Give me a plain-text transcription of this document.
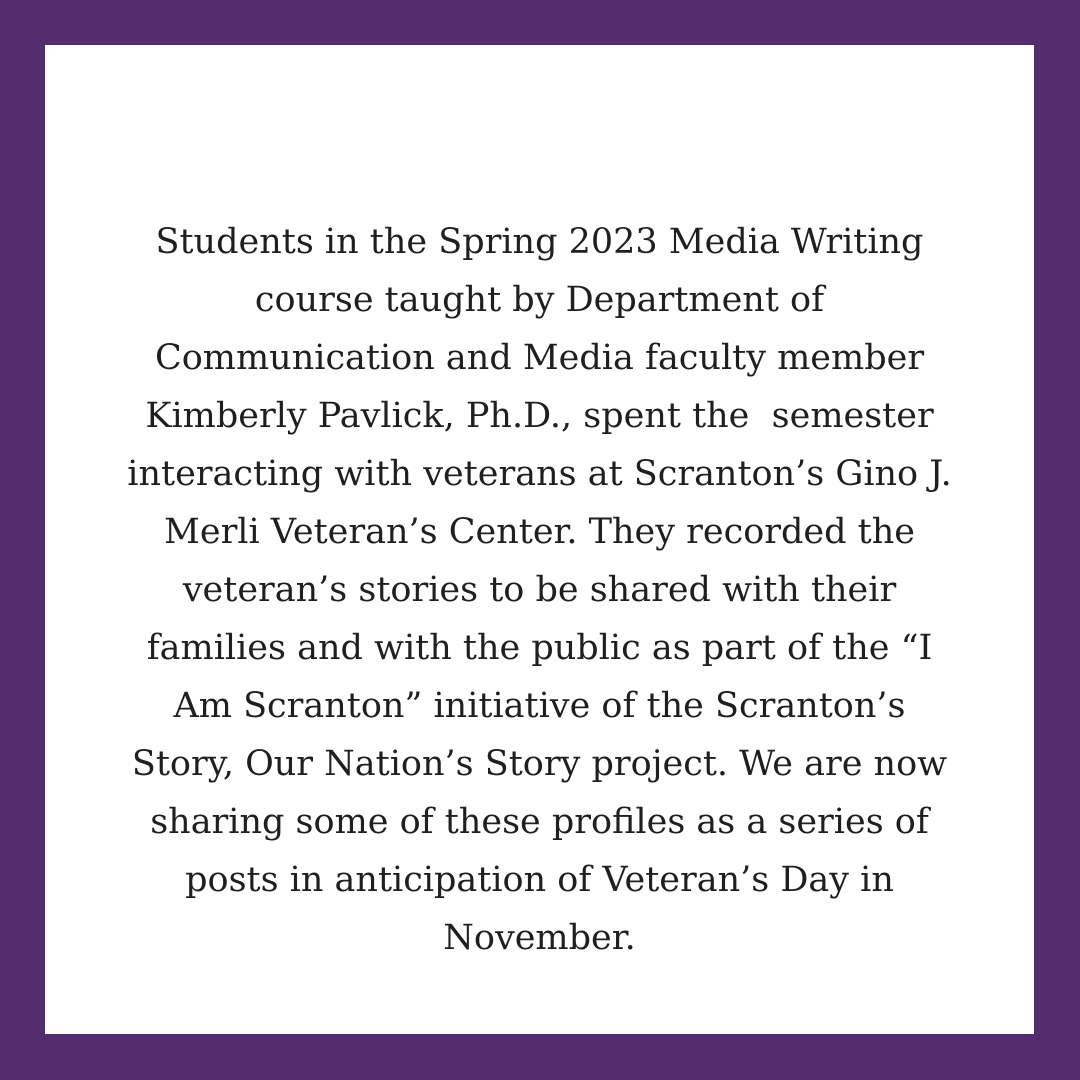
Students in the Spring 2023 Media Writing
course taught by Department of
Communication and Media faculty member
Kimberly Pavlick, Ph.D., spent the  semester
interacting with veterans at Scranton’s Gino J.
Merli Veteran’s Center. They recorded the
veteran’s stories to be shared with their
families and with the public as part of the “I
Am Scranton” initiative of the Scranton’s
Story, Our Nation’s Story project. We are now
sharing some of these profiles as a series of
posts in anticipation of Veteran’s Day in
November.
